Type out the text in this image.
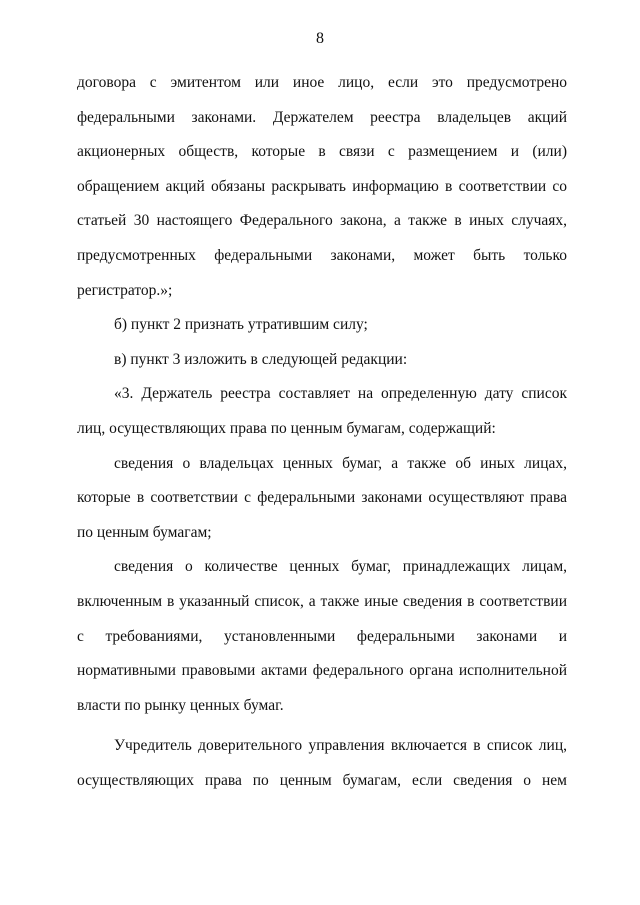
8

договора с эмитентом или иное лицо, если это предусмотрено федеральными законами. Держателем реестра владельцев акций акционерных обществ, которые в связи с размещением и (или) обращением акций обязаны раскрывать информацию в соответствии со статьей 30 настоящего Федерального закона, а также в иных случаях, предусмотренных федеральными законами, может быть только регистратор.»;

б) пункт 2 признать утратившим силу;

в) пункт 3 изложить в следующей редакции:

«3. Держатель реестра составляет на определенную дату список лиц, осуществляющих права по ценным бумагам, содержащий:

сведения о владельцах ценных бумаг, а также об иных лицах, которые в соответствии с федеральными законами осуществляют права по ценным бумагам;

сведения о количестве ценных бумаг, принадлежащих лицам, включенным в указанный список, а также иные сведения в соответствии с требованиями, установленными федеральными законами и нормативными правовыми актами федерального органа исполнительной власти по рынку ценных бумаг.

Учредитель доверительного управления включается в список лиц, осуществляющих права по ценным бумагам, если сведения о нем
